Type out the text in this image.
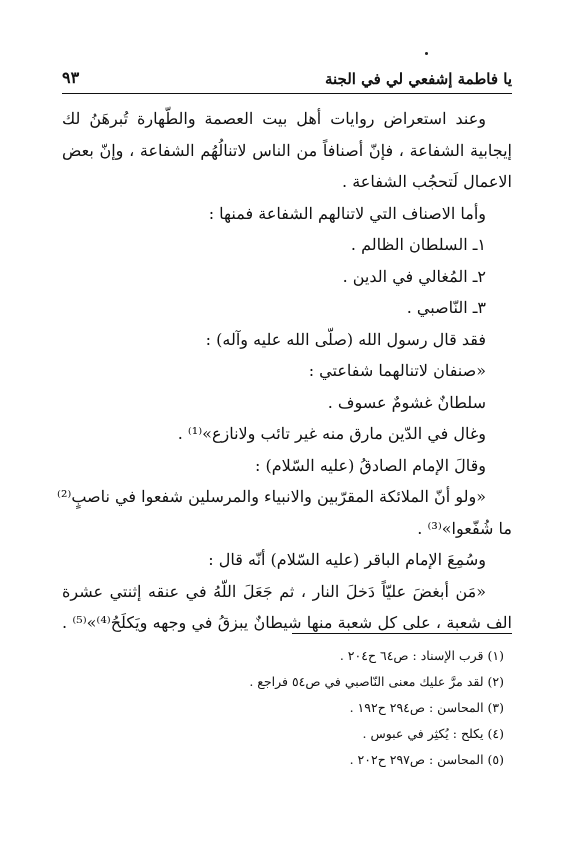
يا فاطمة إشفعي لي في الجنة
٩٣
وعند استعراض روايات أهل بيت العصمة والطّهارة تُبرهَنُ لك
إيجابية الشفاعة ، فإنّ أصنافاً من الناس لاتنالُهُم الشفاعة ، وإنّ بعض
الاعمال لَتحجُب الشفاعة .
وأما الاصناف التي لاتنالهم الشفاعة فمنها :
١ـ السلطان الظالم .
٢ـ المُغالي في الدين .
٣ـ النّاصبي .
فقد قال رسول الله (صلّى الله عليه وآله) :
«صنفان لاتنالهما شفاعتي :
سلطانٌ غشومٌ عسوف .
وغال في الدّين مارق منه غير تائب ولانازع»⁽¹⁾ .
وقالَ الإمام الصادقُ (عليه السّلام) :
«ولو أنّ الملائكة المقرّبين والانبياء والمرسلين شفعوا في ناصبٍ⁽²⁾
ما شُفّعوا»⁽³⁾ .
وسُمِعَ الإمام الباقر (عليه السّلام) أنّه قال :
«مَن أبغضَ عليّاً دَخلَ النار ، ثم جَعَلَ اللّهُ في عنقه إثنتي عشرة
الف شعبة ، على كل شعبة منها شيطانٌ يبزقُ في وجهه ويَكلَحُ⁽⁴⁾»⁽⁵⁾ .
(١) قرب الإسناد : ص٦٤ ح٢٠٤ .
(٢) لقد مرَّ عليك معنى النّاصبي في ص٥٤ فراجع .
(٣) المحاسن : ص٢٩٤ ح١٩٢ .
(٤) يكلح : يُكثِر في عبوس .
(٥) المحاسن : ص٢٩٧ ح٢٠٢ .
